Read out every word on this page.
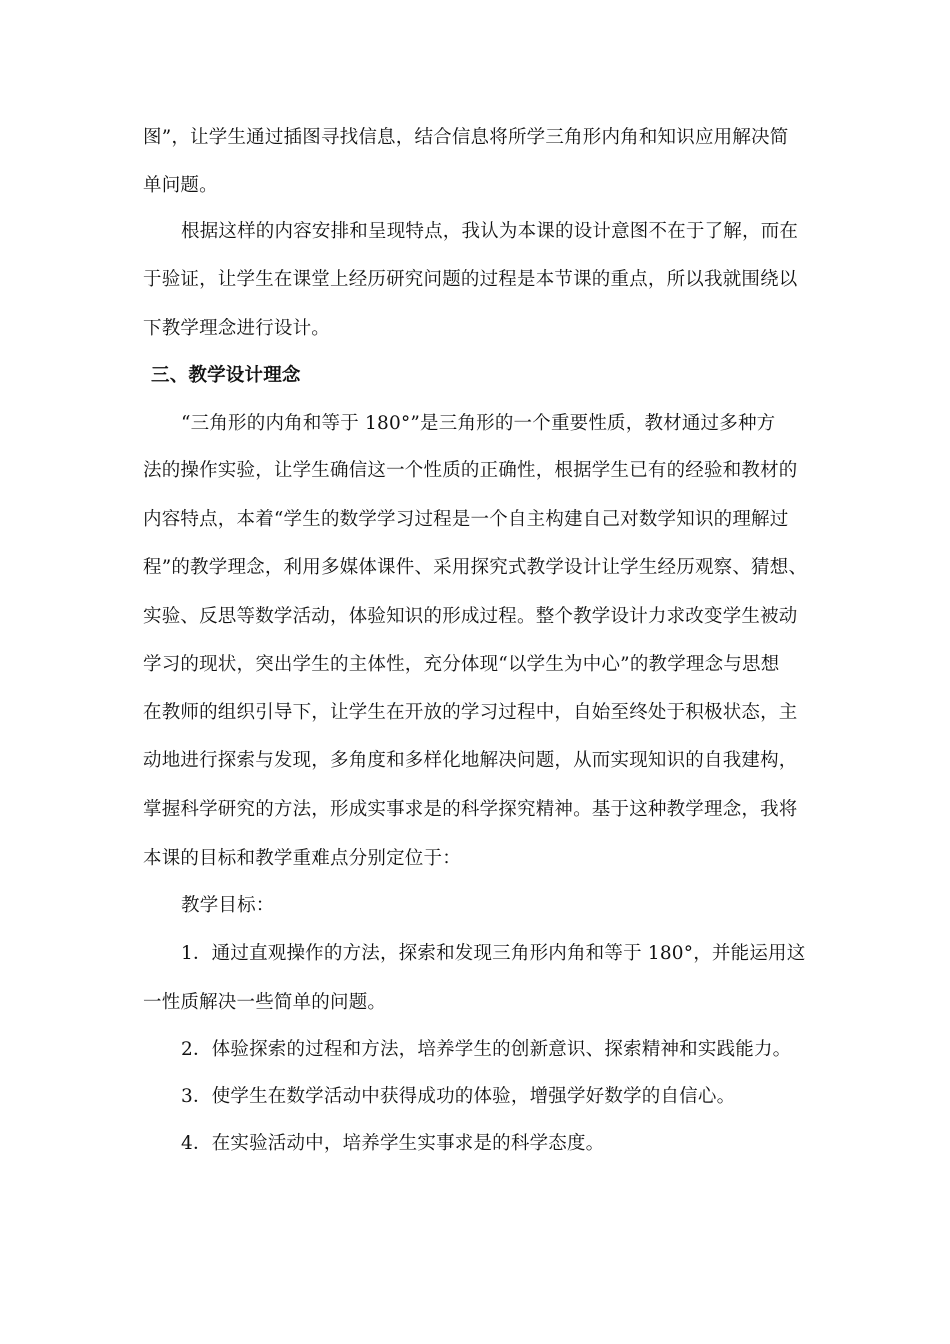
图”，让学生通过插图寻找信息，结合信息将所学三角形内角和知识应用解决简
单问题。
根据这样的内容安排和呈现特点，我认为本课的设计意图不在于了解，而在
于验证，让学生在课堂上经历研究问题的过程是本节课的重点，所以我就围绕以
下教学理念进行设计。
三、教学设计理念
“三角形的内角和等于 180°”是三角形的一个重要性质，教材通过多种方
法的操作实验，让学生确信这一个性质的正确性，根据学生已有的经验和教材的
内容特点，本着“学生的数学学习过程是一个自主构建自己对数学知识的理解过
程”的教学理念，利用多媒体课件、采用探究式教学设计让学生经历观察、猜想、
实验、反思等数学活动，体验知识的形成过程。整个教学设计力求改变学生被动
学习的现状，突出学生的主体性，充分体现“以学生为中心”的教学理念与思想
在教师的组织引导下，让学生在开放的学习过程中，自始至终处于积极状态，主
动地进行探索与发现，多角度和多样化地解决问题，从而实现知识的自我建构，
掌握科学研究的方法，形成实事求是的科学探究精神。基于这种教学理念，我将
本课的目标和教学重难点分别定位于：
教学目标：
1．通过直观操作的方法，探索和发现三角形内角和等于 180°，并能运用这
一性质解决一些简单的问题。
2．体验探索的过程和方法，培养学生的创新意识、探索精神和实践能力。
3．使学生在数学活动中获得成功的体验，增强学好数学的自信心。
4．在实验活动中，培养学生实事求是的科学态度。
